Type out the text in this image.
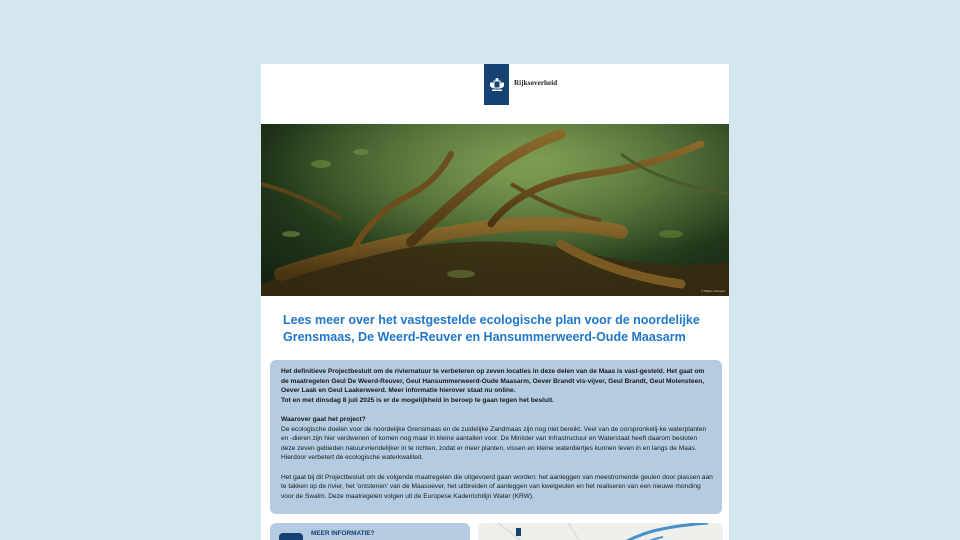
Rijksoverheid
© Willem Kolvoort
Lees meer over het vastgestelde ecologische plan voor de noordelijke Grensmaas, De Weerd-Reuver en Hansummerweerd-Oude Maasarm

Het definitieve Projectbesluit om de riviernatuur te verbeteren op zeven locaties in deze delen van de Maas is vast-gesteld. Het gaat om de maatregelen Geul De Weerd-Reuver, Geul Hansummerweerd-Oude Maasarm, Oever Brandt vis-vijver, Geul Brandt, Geul Molensteen, Oever Laak en Geul Laakerweerd. Meer informatie hierover staat nu online.

Tot en met dinsdag 8 juli 2025 is er de mogelijkheid in beroep te gaan tegen het besluit.

Waarover gaat het project?

De ecologische doelen voor de noordelijke Grensmaas en de zuidelijke Zandmaas zijn nog niet bereikt. Veel van de oorspronkelij-ke waterplanten en -dieren zijn hier verdwenen of komen nog maar in kleine aantallen voor. De Minister van Infrastructuur en Waterstaat heeft daarom besloten deze zeven gebieden natuurvriendelijker in te richten, zodat er meer planten, vissen en kleine waterdiertjes kunnen leven in en langs de Maas. Hierdoor verbetert de ecologische waterkwaliteit.

Het gaat bij dit Projectbesluit om de volgende maatregelen die uitgevoerd gaan worden: het aanleggen van meestromende geulen door plassen aan te takken op de rivier, het 'ontstenen' van de Maasoever, het uitbreiden of aanleggen van kwelgeulen en het realiseren van een nieuwe monding voor de Swalm. Deze maatregelen volgen uit de Europese Kaderrichtlijn Water (KRW).

MEER INFORMATIE?
